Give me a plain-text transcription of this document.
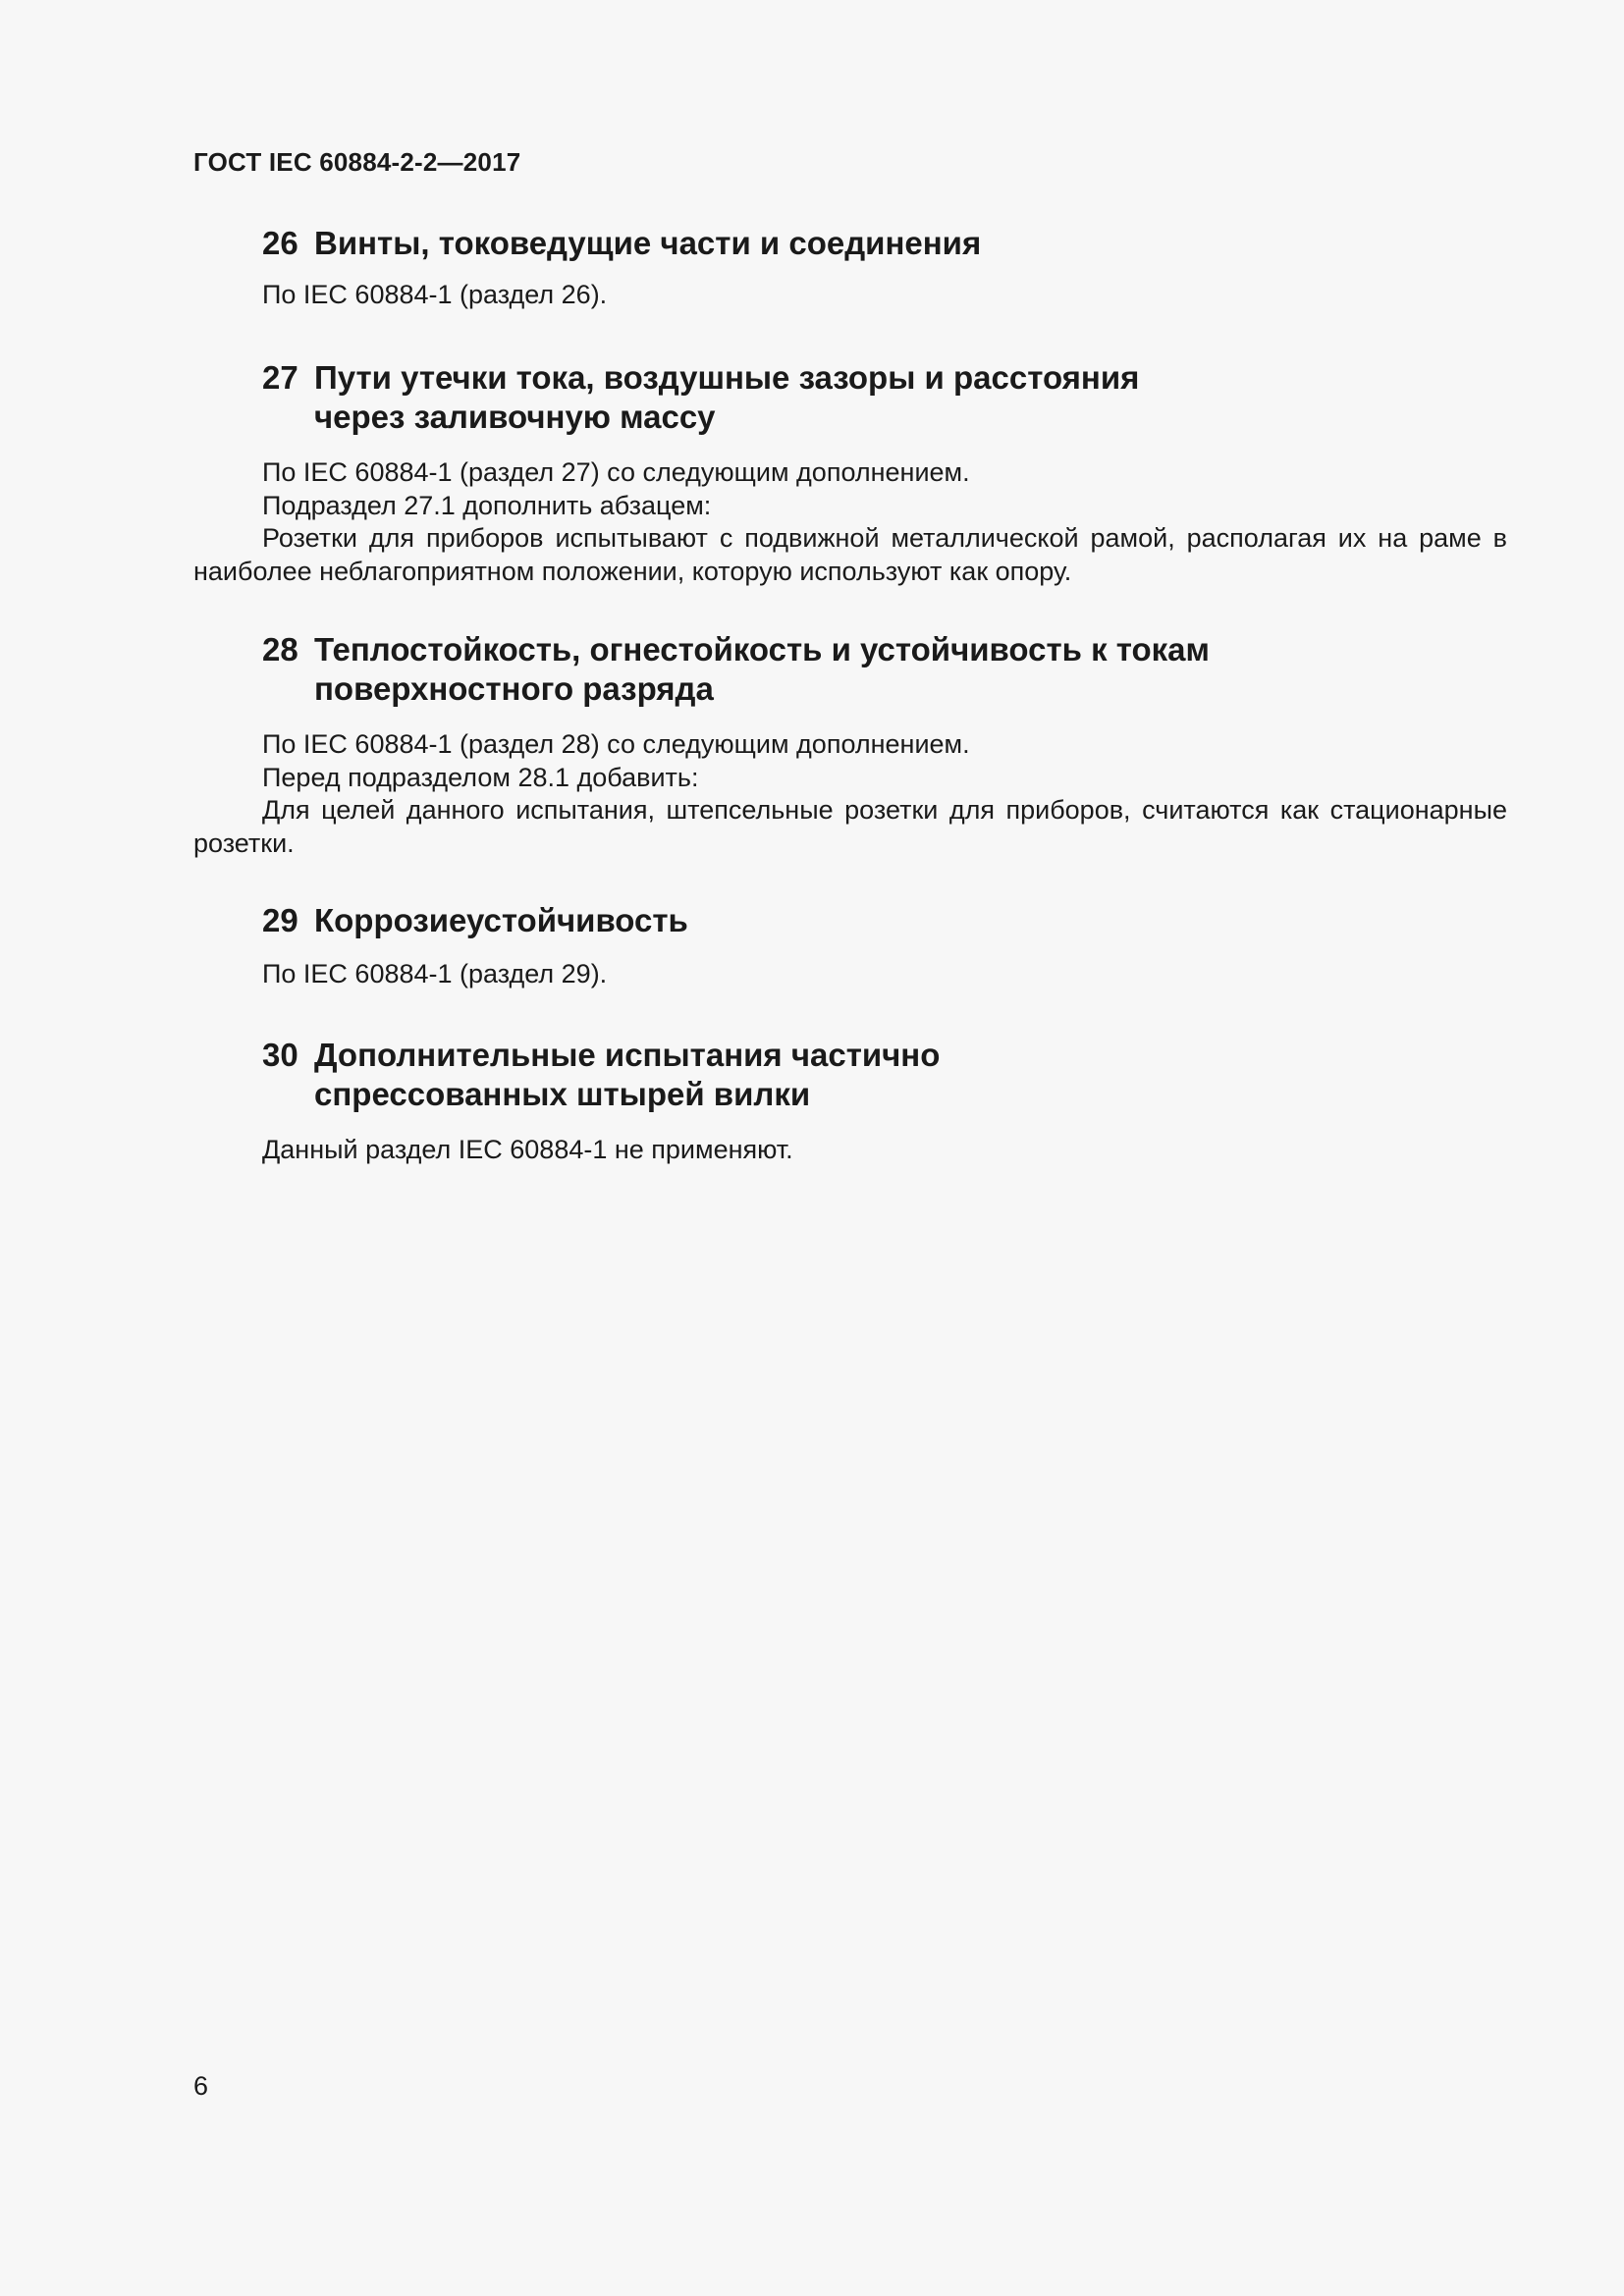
ГОСТ IEC 60884-2-2—2017
26 Винты, токоведущие части и соединения

По IEC 60884-1 (раздел 26).

27 Пути утечки тока, воздушные зазоры и расстояния через заливочную массу

По IEC 60884-1 (раздел 27) со следующим дополнением.

Подраздел 27.1 дополнить абзацем:

Розетки для приборов испытывают с подвижной металлической рамой, располагая их на раме в наиболее неблагоприятном положении, которую используют как опору.

28 Теплостойкость, огнестойкость и устойчивость к токам поверхностного разряда

По IEC 60884-1 (раздел 28) со следующим дополнением.

Перед подразделом 28.1 добавить:

Для целей данного испытания, штепсельные розетки для приборов, считаются как стационарные розетки.

29 Коррозиеустойчивость

По IEC 60884-1 (раздел 29).

30 Дополнительные испытания частично спрессованных штырей вилки

Данный раздел IEC 60884-1 не применяют.

6
